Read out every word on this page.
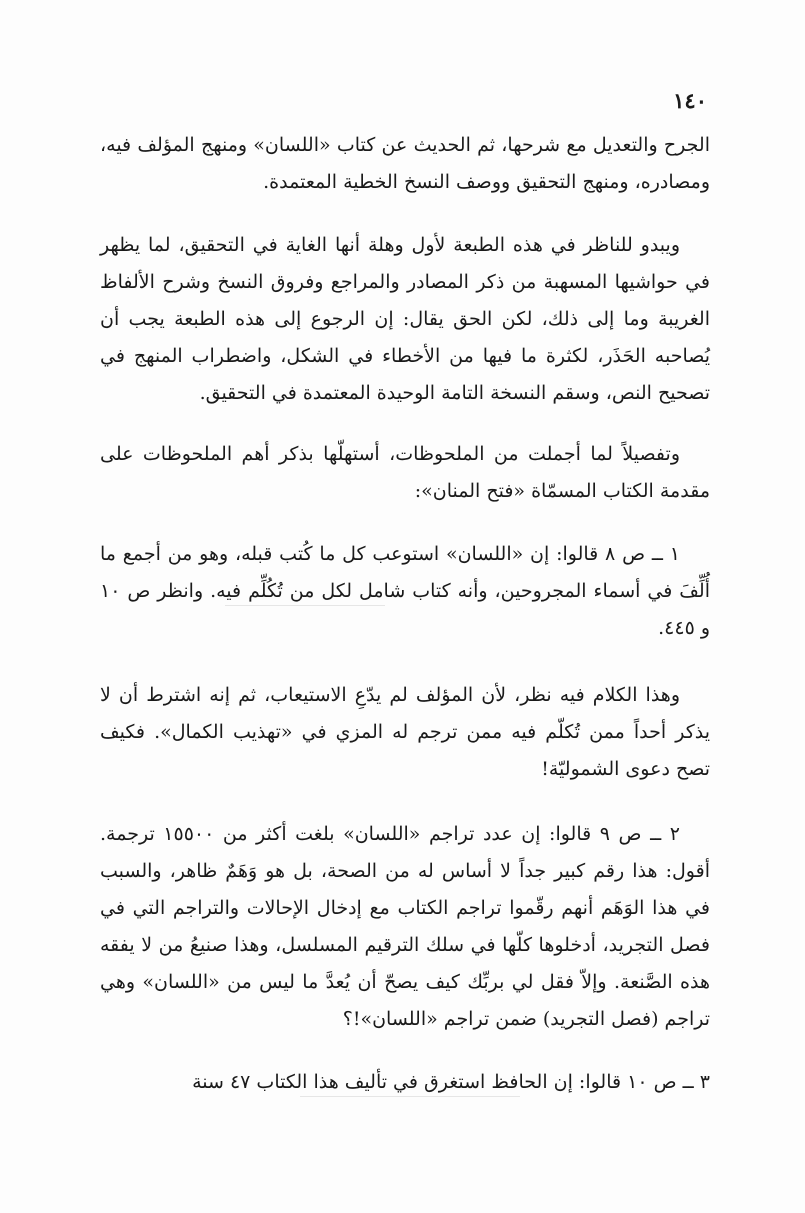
١٤٠

الجرح والتعديل مع شرحها، ثم الحديث عن كتاب «اللسان» ومنهج المؤلف فيه، ومصادره، ومنهج التحقيق ووصف النسخ الخطية المعتمدة.

ويبدو للناظر في هذه الطبعة لأول وهلة أنها الغاية في التحقيق، لما يظهر في حواشيها المسهبة من ذكر المصادر والمراجع وفروق النسخ وشرح الألفاظ الغريبة وما إلى ذلك، لكن الحق يقال: إن الرجوع إلى هذه الطبعة يجب أن يُصاحبه الحَذَر، لكثرة ما فيها من الأخطاء في الشكل، واضطراب المنهج في تصحيح النص، وسقم النسخة التامة الوحيدة المعتمدة في التحقيق.

وتفصيلاً لما أجملت من الملحوظات، أستهلّها بذكر أهم الملحوظات على مقدمة الكتاب المسمّاة «فتح المنان»:

١ ــ ص ٨ قالوا: إن «اللسان» استوعب كل ما كُتب قبله، وهو من أجمع ما أُلِّفَ في أسماء المجروحين، وأنه كتاب شامل لكل من تُكُلِّم فيه. وانظر ص ١٠ و ٤٤٥.

وهذا الكلام فيه نظر، لأن المؤلف لم يدّعِ الاستيعاب، ثم إنه اشترط أن لا يذكر أحداً ممن تُكلّم فيه ممن ترجم له المزي في «تهذيب الكمال». فكيف تصح دعوى الشموليّة!

٢ ــ ص ٩ قالوا: إن عدد تراجم «اللسان» بلغت أكثر من ١٥٥٠٠ ترجمة. أقول: هذا رقم كبير جداً لا أساس له من الصحة، بل هو وَهَمٌ ظاهر، والسبب في هذا الوَهَم أنهم رقّموا تراجم الكتاب مع إدخال الإحالات والتراجم التي في فصل التجريد، أدخلوها كلّها في سلك الترقيم المسلسل، وهذا صنيعُ من لا يفقه هذه الصَّنعة. وإلاّ فقل لي بربِّك كيف يصحّ أن يُعدَّ ما ليس من «اللسان» وهي تراجم (فصل التجريد) ضمن تراجم «اللسان»!؟

٣ ــ ص ١٠ قالوا: إن الحافظ استغرق في تأليف هذا الكتاب ٤٧ سنة
